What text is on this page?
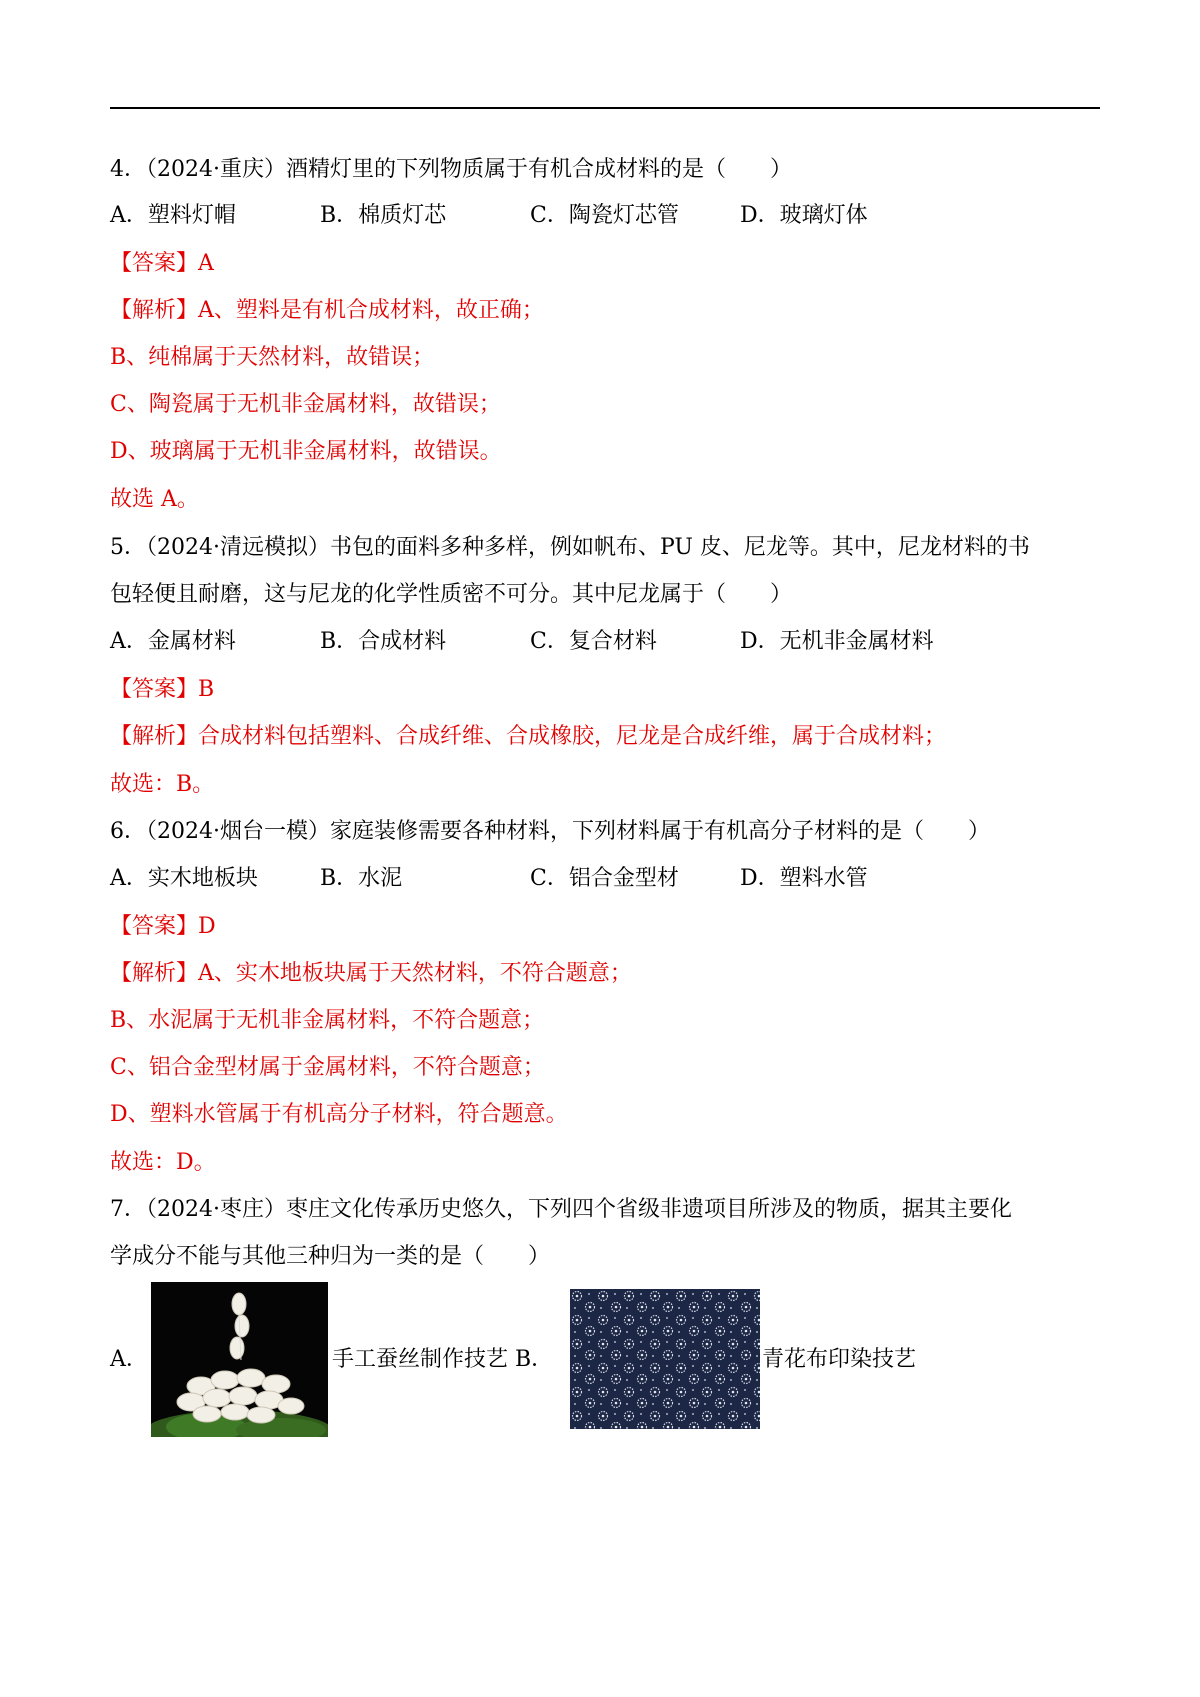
4．（2024·重庆）酒精灯里的下列物质属于有机合成材料的是（　　）
A．塑料灯帽	B．棉质灯芯	C．陶瓷灯芯管	D．玻璃灯体
【答案】A
【解析】A、塑料是有机合成材料，故正确；
B、纯棉属于天然材料，故错误；
C、陶瓷属于无机非金属材料，故错误；
D、玻璃属于无机非金属材料，故错误。
故选 A。
5．（2024·清远模拟）书包的面料多种多样，例如帆布、PU 皮、尼龙等。其中，尼龙材料的书
包轻便且耐磨，这与尼龙的化学性质密不可分。其中尼龙属于（　　）
A．金属材料	B．合成材料	C．复合材料	D．无机非金属材料
【答案】B
【解析】合成材料包括塑料、合成纤维、合成橡胶，尼龙是合成纤维，属于合成材料；
故选：B。
6．（2024·烟台一模）家庭装修需要各种材料，下列材料属于有机高分子材料的是（　　）
A．实木地板块	B．水泥	C．铝合金型材	D．塑料水管
【答案】D
【解析】A、实木地板块属于天然材料，不符合题意；
B、水泥属于无机非金属材料，不符合题意；
C、铝合金型材属于金属材料，不符合题意；
D、塑料水管属于有机高分子材料，符合题意。
故选：D。
7．（2024·枣庄）枣庄文化传承历史悠久，下列四个省级非遗项目所涉及的物质，据其主要化
学成分不能与其他三种归为一类的是（　　）
A．	手工蚕丝制作技艺 B．	青花布印染技艺
